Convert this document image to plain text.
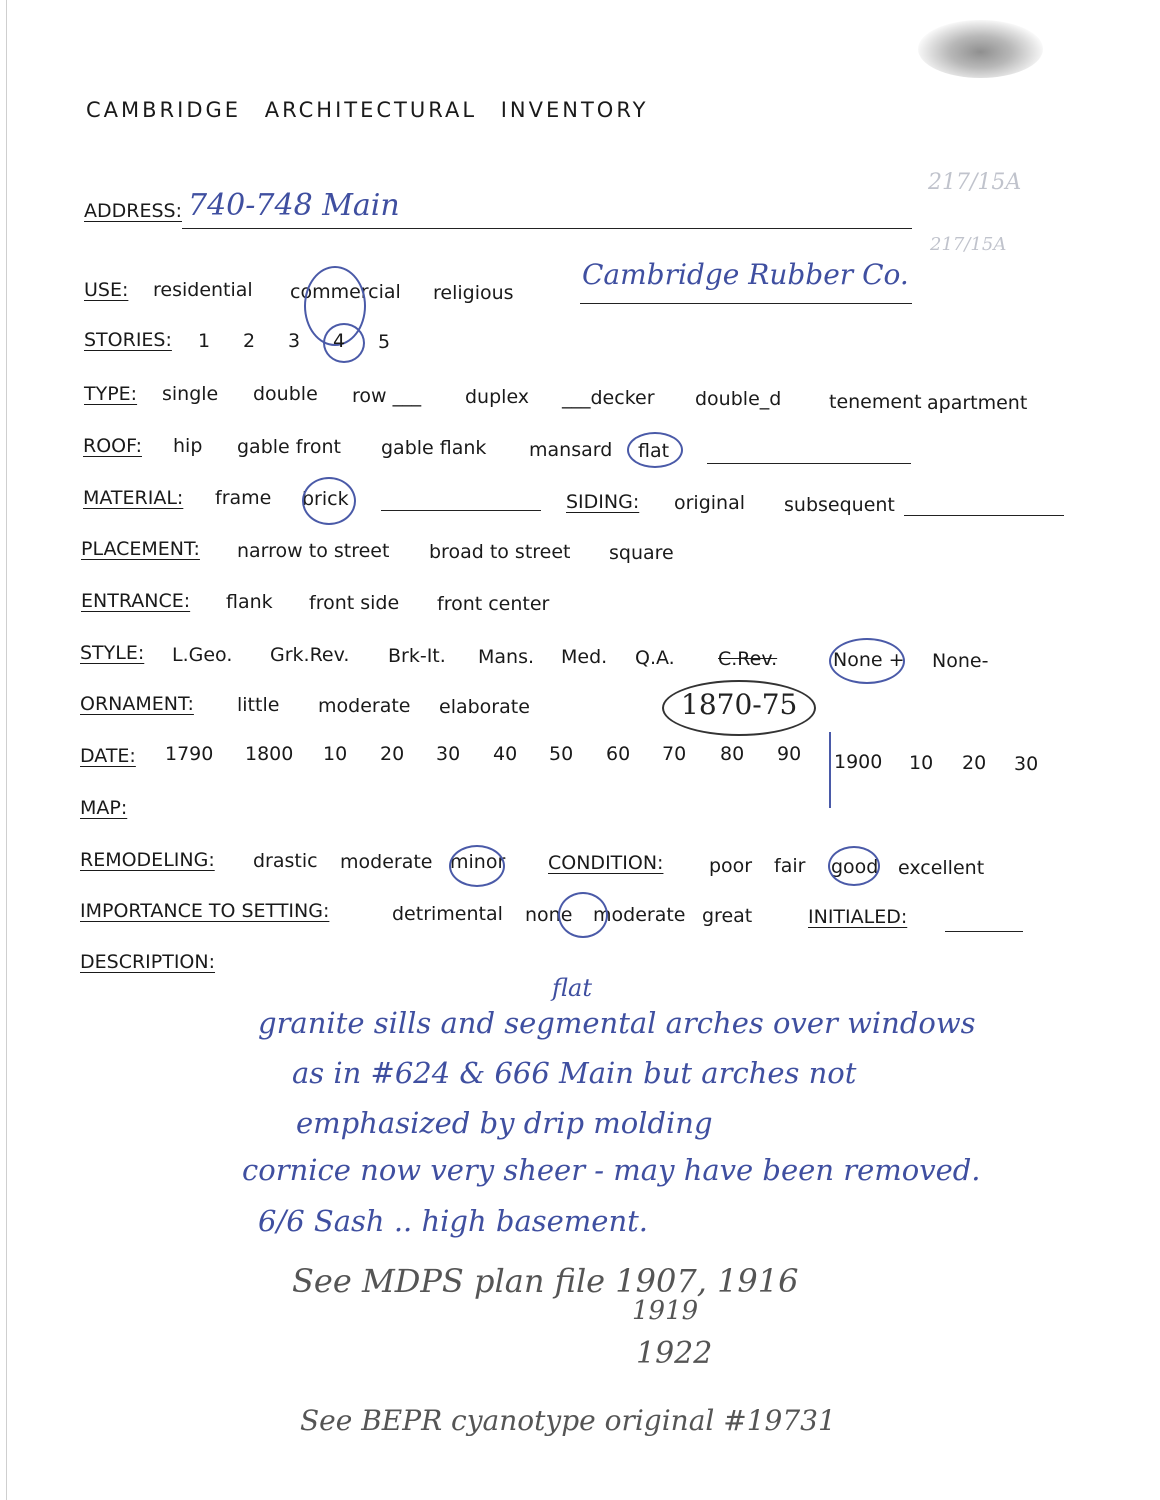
CAMBRIDGE ARCHITECTURAL INVENTORY
217/15A
217/15A
ADDRESS: 740-748 Main
USE: residential commercial religious
Cambridge Rubber Co.
STORIES: 1 2 3 4 5
TYPE: single double row ___ duplex ___decker double_d	tenement apartment
ROOF: hip gable front gable flank mansard flat
MATERIAL: frame brick	SIDING: original subsequent
PLACEMENT: narrow to street broad to street square
ENTRANCE: flank front side front center
STYLE: L.Geo. Grk.Rev. Brk-It. Mans. Med. Q.A. C.Rev.	None + None-
ORNAMENT: little moderate elaborate	1870-75
DATE: 1790 1800 10 20 30 40 50 60 70 80 90 1900 10 20 30
MAP:
REMODELING: drastic moderate minor CONDITION: poor fair good excellent
IMPORTANCE TO SETTING:	detrimental none moderate great	INITIALED:
DESCRIPTION:
flat
granite sills and segmental arches over windows
as in #624 & 666 Main but arches not
emphasized by drip molding
cornice now very sheer - may have been removed.
6/6 Sash .. high basement.
See MDPS plan file 1907, 1916
1919
1922
See BEPR cyanotype original #19731
